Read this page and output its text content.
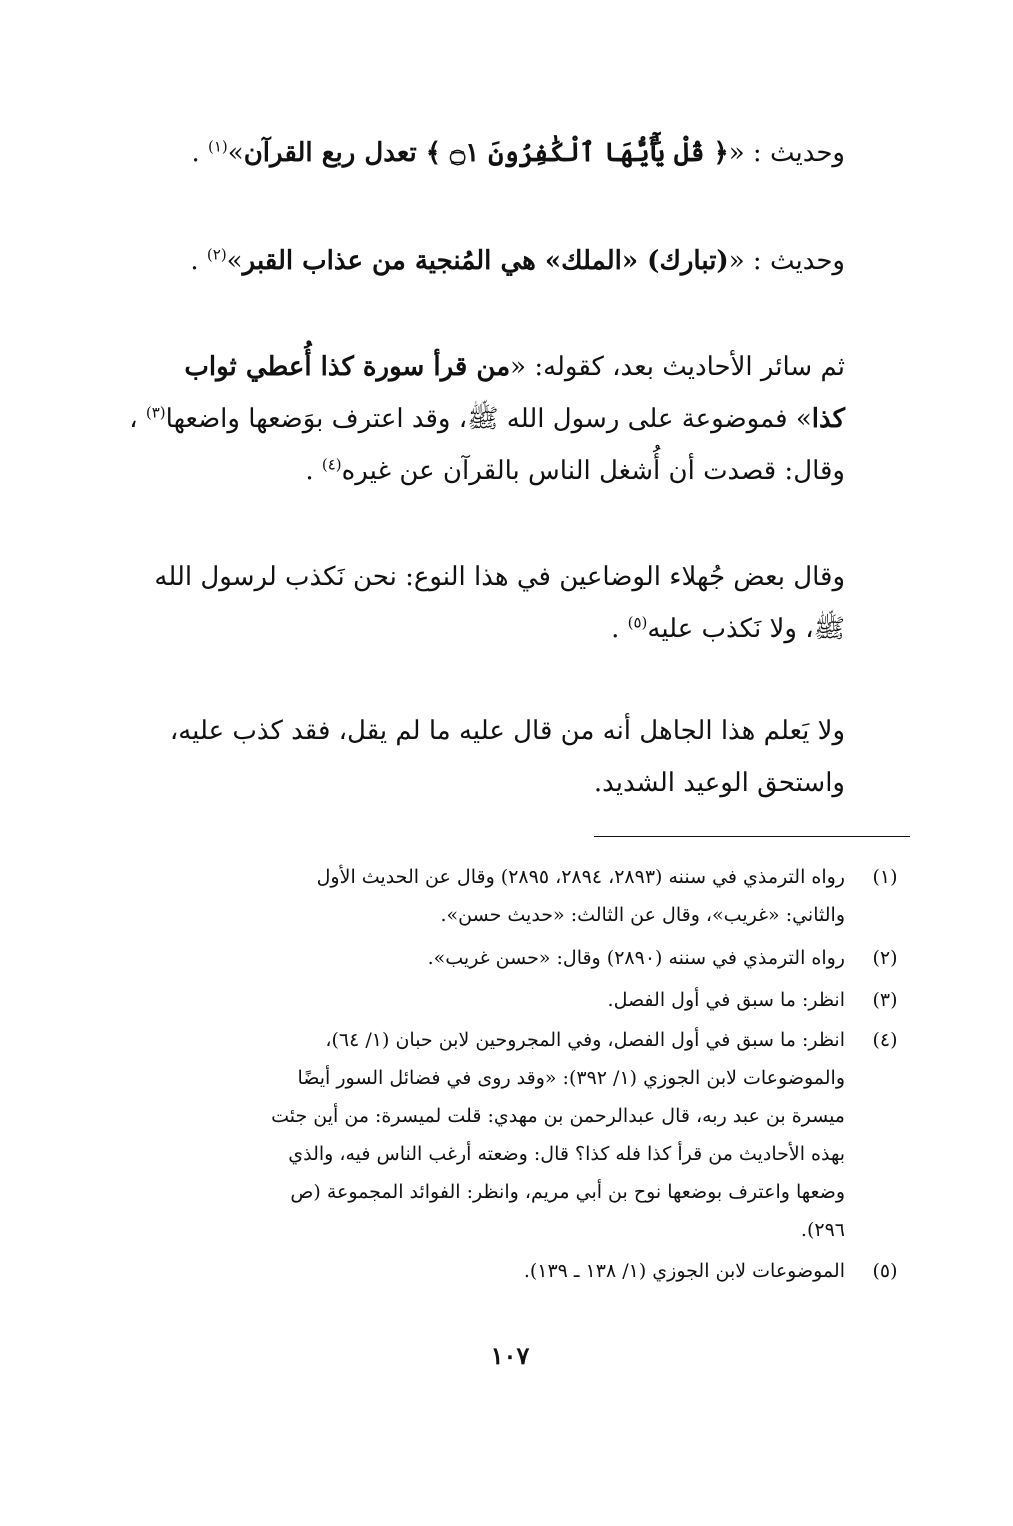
وحديث : «﴿ قُلْ يَٰٓأَيُّهَا ٱلْكَٰفِرُونَ ۝١ ﴾ تعدل ربع القرآن»$^{(١)}$ .
وحديث : «(تبارك) «الملك» هي المُنجية من عذاب القبر»$^{(٢)}$ .
ثم سائر الأحاديث بعد، كقوله: «من قرأ سورة كذا أُعطي ثواب
كذا» فموضوعة على رسول الله ﷺ، وقد اعترف بوَضعها واضعها$^{(٣)}$ ،
وقال: قصدت أن أُشغل الناس بالقرآن عن غيره$^{(٤)}$ .
وقال بعض جُهلاء الوضاعين في هذا النوع: نحن نَكذب لرسول الله
ﷺ، ولا نَكذب عليه$^{(٥)}$ .
ولا يَعلم هذا الجاهل أنه من قال عليه ما لم يقل، فقد كذب عليه،
واستحق الوعيد الشديد.
(١)
رواه الترمذي في سننه (٢٨٩٣، ٢٨٩٤، ٢٨٩٥) وقال عن الحديث الأول
والثاني: «غريب»، وقال عن الثالث: «حديث حسن».
(٢)
رواه الترمذي في سننه (٢٨٩٠) وقال: «حسن غريب».
(٣)
انظر: ما سبق في أول الفصل.
(٤)
انظر: ما سبق في أول الفصل، وفي المجروحين لابن حبان (١/ ٦٤)،
والموضوعات لابن الجوزي (١/ ٣٩٢): «وقد روى في فضائل السور أيضًا
ميسرة بن عبد ربه، قال عبدالرحمن بن مهدي: قلت لميسرة: من أين جئت
بهذه الأحاديث من قرأ كذا فله كذا؟ قال: وضعته أرغب الناس فيه، والذي
وضعها واعترف بوضعها نوح بن أبي مريم، وانظر: الفوائد المجموعة (ص
٢٩٦).
(٥)
الموضوعات لابن الجوزي (١/ ١٣٨ ـ ١٣٩).
١٠٧
